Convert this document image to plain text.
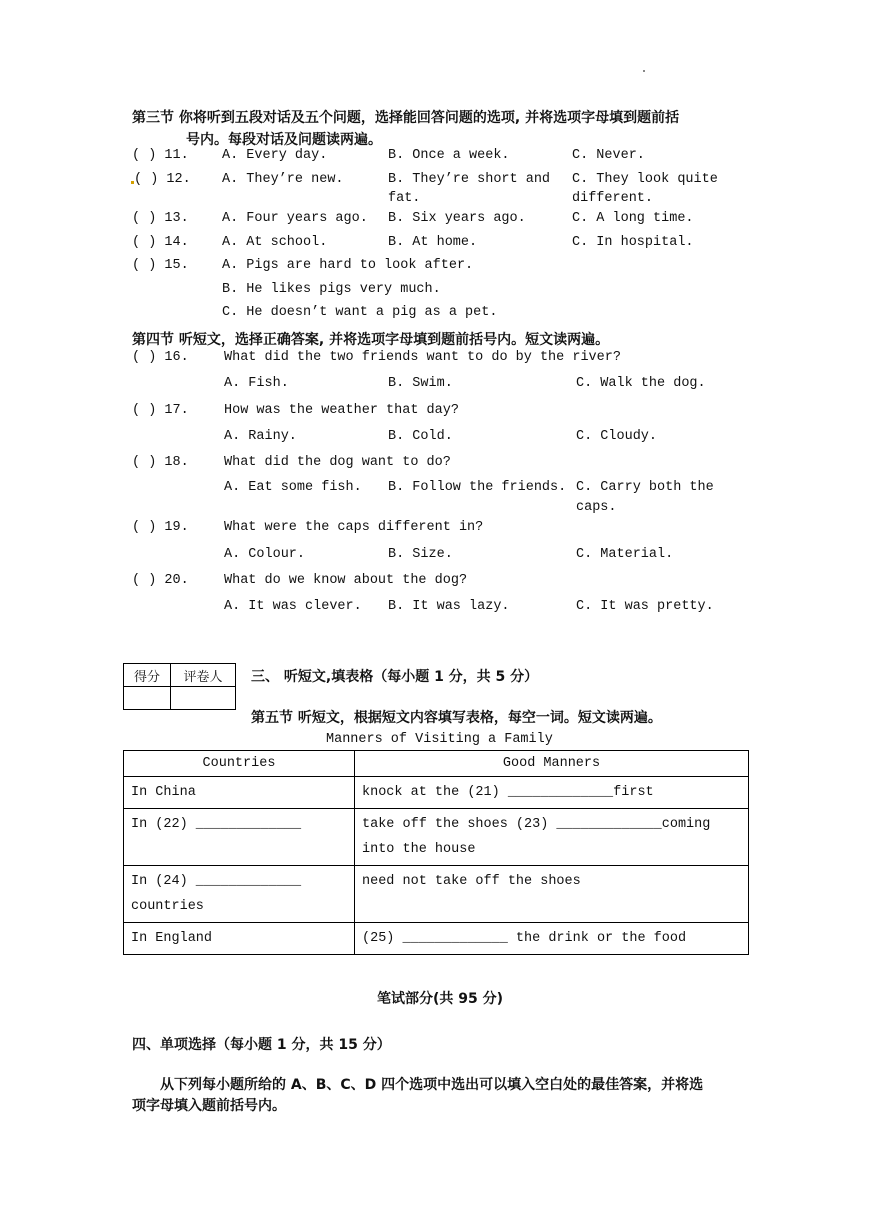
第三节 你将听到五段对话及五个问题，选择能回答问题的选项, 并将选项字母填到题前括
号内。每段对话及问题读两遍。
( ) 11. A. Every day.	B. Once a week.	C. Never.
( ) 12. A. They’re new.	B. They’re short and
fat.
C. They look quite
different.
( ) 13. A. Four years ago. B. Six years ago.	C. A long time.
( ) 14. A. At school.	B. At home.	C. In hospital.
( ) 15. A. Pigs are hard to look after.
B. He likes pigs very much.
C. He doesn’t want a pig as a pet.
第四节 听短文，选择正确答案, 并将选项字母填到题前括号内。短文读两遍。
( ) 16.	What did the two friends want to do by the river?
A. Fish.	B. Swim.	C. Walk the dog.
( ) 17.	How was the weather that day?
A. Rainy.	B. Cold.	C. Cloudy.
( ) 18.	What did the dog want to do?
A. Eat some fish. B. Follow the friends. C. Carry both the
caps.
( ) 19.	What were the caps different in?
A. Colour.	B. Size.	C. Material.
( ) 20.	What do we know about the dog?
A. It was clever. B. It was lazy.	C. It was pretty.
得分	评卷人
	三、 听短文,填表格（每小题 1 分，共 5 分）
第五节 听短文，根据短文内容填写表格，每空一词。短文读两遍。
Manners of Visiting a Family
Countries	Good Manners
In China	knock at the (21) _____________first
In (22) _____________	take off the shoes (23) _____________coming into the house
In (24) _____________ countries	need not take off the shoes
In England	(25) _____________ the drink or the food
笔试部分(共 95 分)
四、单项选择（每小题 1 分，共 15 分）
从下列每小题所给的 A、B、C、D 四个选项中选出可以填入空白处的最佳答案，并将选
项字母填入题前括号内。
